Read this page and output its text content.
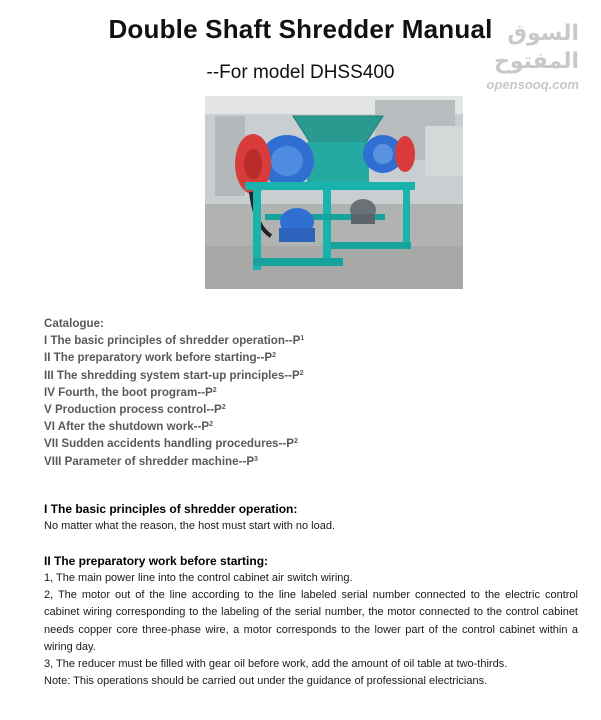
Double Shaft Shredder Manual
--For model DHSS400
السوق المفتوح
opensooq.com
Catalogue:
I The basic principles of shredder operation-$-P^1$
II The preparatory work before starting-$-P^2$
III The shredding system start-up principles-$-P^2$
IV Fourth, the boot program-$-P^2$
V Production process control-$-P^2$
VI After the shutdown work-$-P^2$
VII Sudden accidents handling procedures-$-P^2$
VIII Parameter of shredder machine-$-P^3$
I The basic principles of shredder operation:

No matter what the reason, the host must start with no load.

II The preparatory work before starting:

1, The main power line into the control cabinet air switch wiring.

2, The motor out of the line according to the line labeled serial number connected to the electric control cabinet wiring corresponding to the labeling of the serial number, the motor connected to the control cabinet needs copper core three-phase wire, a motor corresponds to the lower part of the control cabinet within a wiring day.

3, The reducer must be filled with gear oil before work, add the amount of oil table at two-thirds.

Note: This operations should be carried out under the guidance of professional electricians.
